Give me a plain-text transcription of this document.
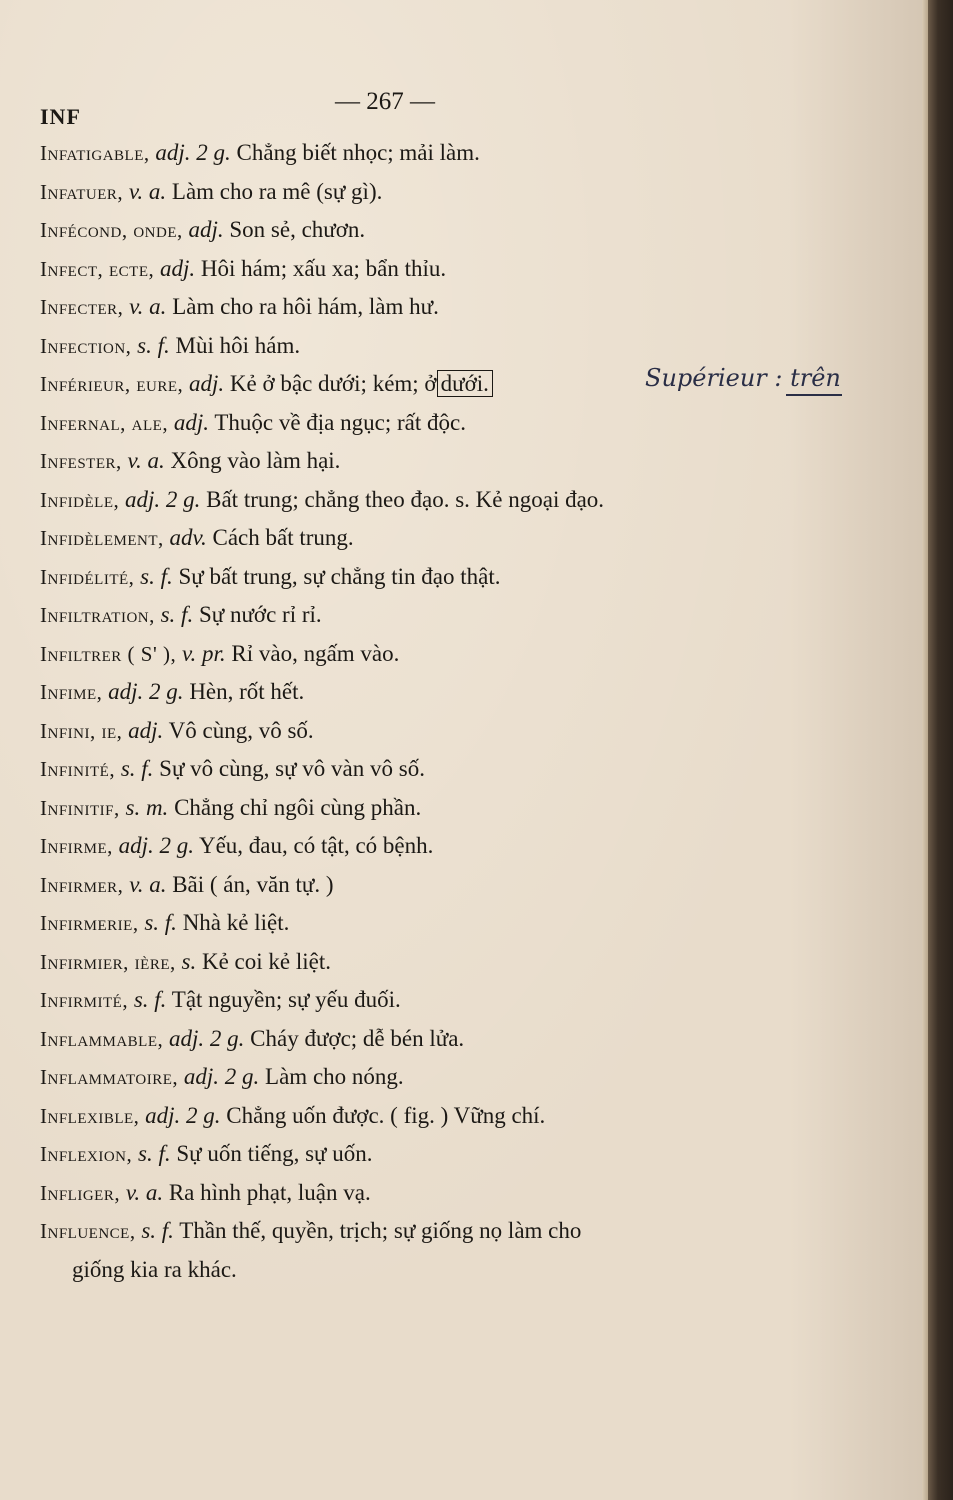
INF
— 267 —
Infatigable, adj. 2 g. Chẳng biết nhọc; mải làm.
Infatuer, v. a. Làm cho ra mê (sự gì).
Infécond, onde, adj. Son sẻ, chươn.
Infect, ecte, adj. Hôi hám; xấu xa; bẩn thỉu.
Infecter, v. a. Làm cho ra hôi hám, làm hư.
Infection, s. f. Mùi hôi hám.
Inférieur, eure, adj. Kẻ ở bậc dưới; kém; ở dưới.
Infernal, ale, adj. Thuộc về địa ngục; rất độc.
Infester, v. a. Xông vào làm hại.
Infidèle, adj. 2 g. Bất trung; chẳng theo đạo. s. Kẻ ngoại đạo.
Infidèlement, adv. Cách bất trung.
Infidélité, s. f. Sự bất trung, sự chẳng tin đạo thật.
Infiltration, s. f. Sự nước rỉ rỉ.
Infiltrer ( S' ), v. pr. Rỉ vào, ngấm vào.
Infime, adj. 2 g. Hèn, rốt hết.
Infini, ie, adj. Vô cùng, vô số.
Infinité, s. f. Sự vô cùng, sự vô vàn vô số.
Infinitif, s. m. Chẳng chỉ ngôi cùng phần.
Infirme, adj. 2 g. Yếu, đau, có tật, có bệnh.
Infirmer, v. a. Bãi ( án, văn tự. )
Infirmerie, s. f. Nhà kẻ liệt.
Infirmier, ière, s. Kẻ coi kẻ liệt.
Infirmité, s. f. Tật nguyền; sự yếu đuối.
Inflammable, adj. 2 g. Cháy được; dễ bén lửa.
Inflammatoire, adj. 2 g. Làm cho nóng.
Inflexible, adj. 2 g. Chẳng uốn được. ( fig. ) Vững chí.
Inflexion, s. f. Sự uốn tiếng, sự uốn.
Infliger, v. a. Ra hình phạt, luận vạ.
Influence, s. f. Thần thế, quyền, trịch; sự giống nọ làm cho
giống kia ra khác.
Supérieur : trên
